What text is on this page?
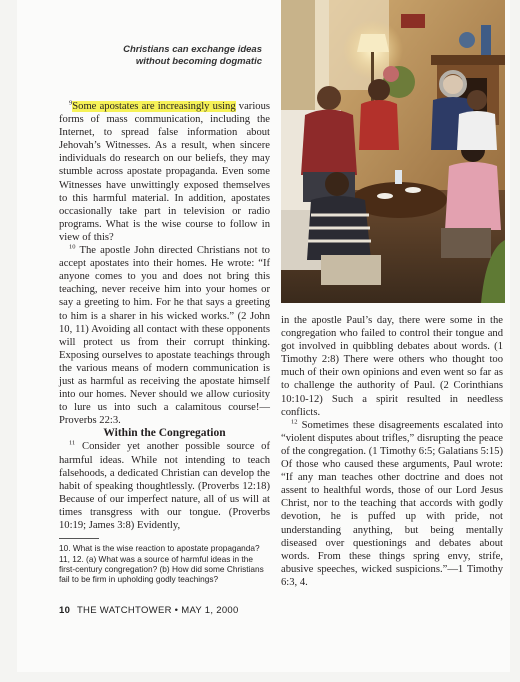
Christians can exchange ideas
without becoming dogmatic

$^9$Some apostates are increasingly using various forms of mass communication, including the Internet, to spread false information about Jehovah’s Witnesses. As a result, when sincere individuals do research on our beliefs, they may stumble across apostate propaganda. Even some Witnesses have unwittingly exposed themselves to this harmful material. In addition, apostates occasionally take part in television or radio programs. What is the wise course to follow in view of this?

$^{10}$ The apostle John directed Christians not to accept apostates into their homes. He wrote: “If anyone comes to you and does not bring this teaching, never receive him into your homes or say a greeting to him. For he that says a greeting to him is a sharer in his wicked works.” (2 John 10, 11) Avoiding all contact with these opponents will protect us from their corrupt thinking. Exposing ourselves to apostate teachings through the various means of modern communication is just as harmful as receiving the apostate himself into our homes. Never should we allow curiosity to lure us into such a calamitous course!—Proverbs 22:3.

Within the Congregation

$^{11}$ Consider yet another possible source of harmful ideas. While not intending to teach falsehoods, a dedicated Christian can develop the habit of speaking thoughtlessly. (Proverbs 12:18) Because of our imperfect nature, all of us will at times transgress with our tongue. (Proverbs 10:19; James 3:8) Evidently,

10. What is the wise reaction to apostate propaganda?
11, 12. (a) What was a source of harmful ideas in the first-century congregation? (b) How did some Christians fail to be firm in upholding godly teachings?

in the apostle Paul’s day, there were some in the congregation who failed to control their tongue and got involved in quibbling debates about words. (1 Timothy 2:8) There were others who thought too much of their own opinions and even went so far as to challenge the authority of Paul. (2 Corinthians 10:10-12) Such a spirit resulted in needless conflicts.

$^{12}$ Sometimes these disagreements escalated into “violent disputes about trifles,” disrupting the peace of the congregation. (1 Timothy 6:5; Galatians 5:15) Of those who caused these arguments, Paul wrote: “If any man teaches other doctrine and does not assent to healthful words, those of our Lord Jesus Christ, nor to the teaching that accords with godly devotion, he is puffed up with pride, not understanding anything, but being mentally diseased over questionings and debates about words. From these things spring envy, strife, abusive speeches, wicked suspicions.”—1 Timothy 6:3, 4.

10 THE WATCHTOWER • MAY 1, 2000
